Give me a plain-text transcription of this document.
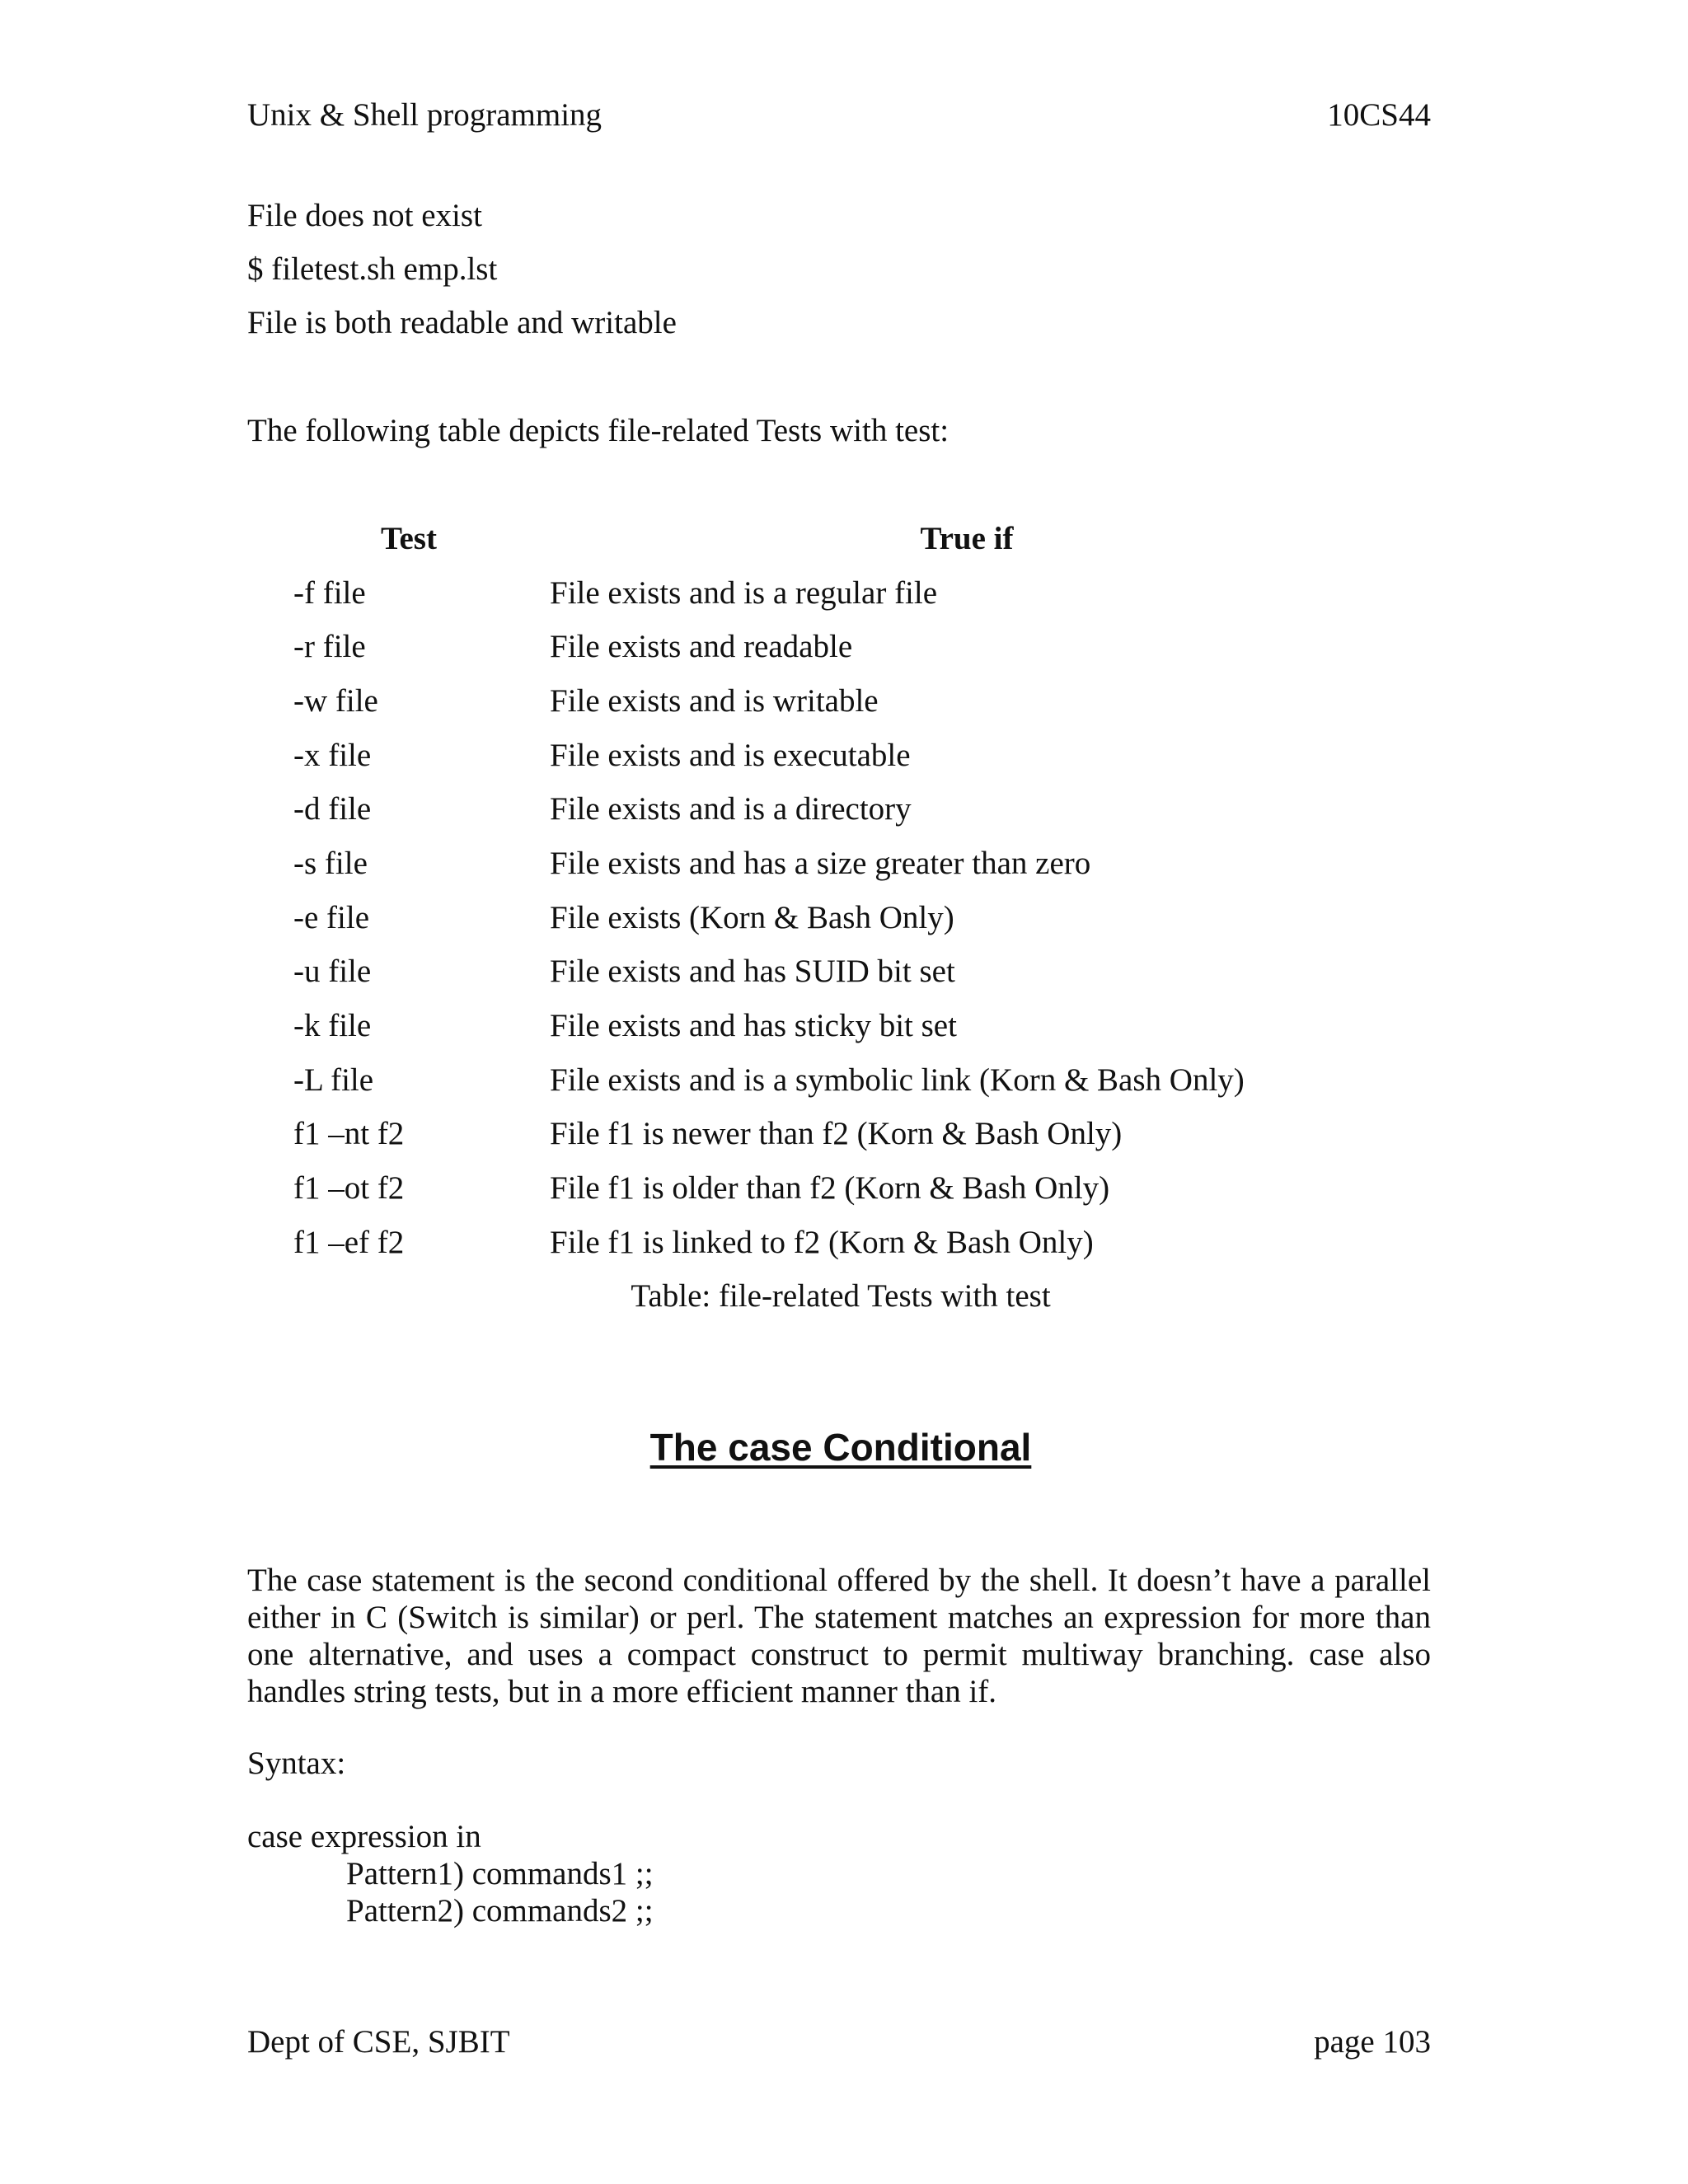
Unix & Shell programming	10CS44
File does not exist
$ filetest.sh emp.lst
File is both readable and writable
The following table depicts file-related Tests with test:
Test	True if
-f file	File exists and is a regular file
-r file	File exists and readable
-w file	File exists and is writable
-x file	File exists and is executable
-d file	File exists and is a directory
-s file	File exists and has a size greater than zero
-e file	File exists (Korn & Bash Only)
-u file	File exists and has SUID bit set
-k file	File exists and has sticky bit set
-L file	File exists and is a symbolic link (Korn & Bash Only)
f1 –nt f2	File f1 is newer than f2 (Korn & Bash Only)
f1 –ot f2	File f1 is older than f2 (Korn & Bash Only)
f1 –ef f2	File f1 is linked to f2 (Korn & Bash Only)
Table: file-related Tests with test
The case Conditional
The case statement is the second conditional offered by the shell. It doesn’t have a parallel either in C (Switch is similar) or perl. The statement matches an expression for more than one alternative, and uses a compact construct to permit multiway branching. case also handles string tests, but in a more efficient manner than if.
Syntax:
case expression in
Pattern1) commands1 ;;
Pattern2) commands2 ;;
Dept of CSE, SJBIT	page 103
